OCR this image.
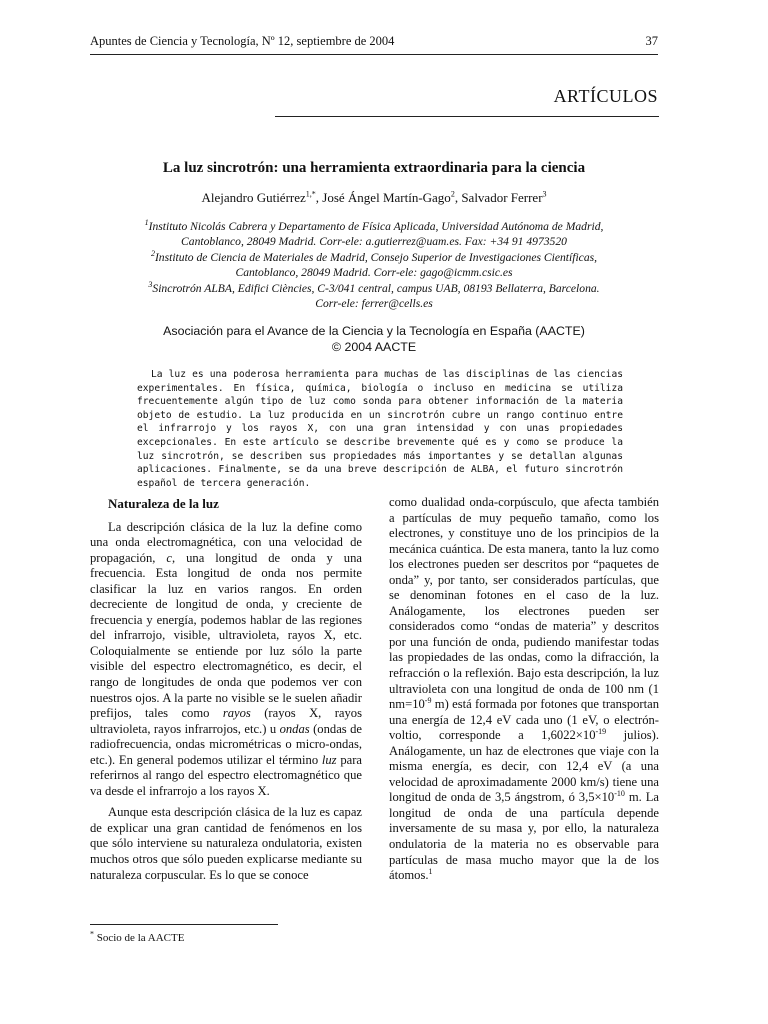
Apuntes de Ciencia y Tecnología, Nº 12, septiembre de 2004	37
ARTÍCULOS
La luz sincrotrón: una herramienta extraordinaria para la ciencia
Alejandro Gutiérrez$^{1,*}$, José Ángel Martín-Gago$^2$, Salvador Ferrer$^3$
$^1$Instituto Nicolás Cabrera y Departamento de Física Aplicada, Universidad Autónoma de Madrid,
Cantoblanco, 28049 Madrid. Corr-ele: a.gutierrez@uam.es. Fax: +34 91 4973520
$^2$Instituto de Ciencia de Materiales de Madrid, Consejo Superior de Investigaciones Científicas,
Cantoblanco, 28049 Madrid. Corr-ele: gago@icmm.csic.es
$^3$Sincrotrón ALBA, Edifici Ciències, C-3/041 central, campus UAB, 08193 Bellaterra, Barcelona.
Corr-ele: ferrer@cells.es
Asociación para el Avance de la Ciencia y la Tecnología en España (AACTE)
© 2004 AACTE
La luz es una poderosa herramienta para muchas de las disciplinas de las ciencias experimentales. En física, química, biología o incluso en medicina se utiliza frecuentemente algún tipo de luz como sonda para obtener información de la materia objeto de estudio. La luz producida en un sincrotrón cubre un rango continuo entre el infrarrojo y los rayos X, con una gran intensidad y con unas propiedades excepcionales. En este artículo se describe brevemente qué es y como se produce la luz sincrotrón, se describen sus propiedades más importantes y se detallan algunas aplicaciones. Finalmente, se da una breve descripción de ALBA, el futuro sincrotrón español de tercera generación.
Naturaleza de la luz

La descripción clásica de la luz la define como una onda electromagnética, con una velocidad de propagación, c, una longitud de onda y una frecuencia. Esta longitud de onda nos permite clasificar la luz en varios rangos. En orden decreciente de longitud de onda, y creciente de frecuencia y energía, podemos hablar de las regiones del infrarrojo, visible, ultravioleta, rayos X, etc. Coloquialmente se entiende por luz sólo la parte visible del espectro electromagnético, es decir, el rango de longitudes de onda que podemos ver con nuestros ojos. A la parte no visible se le suelen añadir prefijos, tales como rayos (rayos X, rayos ultravioleta, rayos infrarrojos, etc.) u ondas (ondas de radiofrecuencia, ondas micrométricas o micro-ondas, etc.). En general podemos utilizar el término luz para referirnos al rango del espectro electromagnético que va desde el infrarrojo a los rayos X.

Aunque esta descripción clásica de la luz es capaz de explicar una gran cantidad de fenómenos en los que sólo interviene su naturaleza ondulatoria, existen muchos otros que sólo pueden explicarse mediante su naturaleza corpuscular. Es lo que se conoce

como dualidad onda-corpúsculo, que afecta también a partículas de muy pequeño tamaño, como los electrones, y constituye uno de los principios de la mecánica cuántica. De esta manera, tanto la luz como los electrones pueden ser descritos por “paquetes de onda” y, por tanto, ser considerados partículas, que se denominan fotones en el caso de la luz. Análogamente, los electrones pueden ser considerados como “ondas de materia” y descritos por una función de onda, pudiendo manifestar todas las propiedades de las ondas, como la difracción, la refracción o la reflexión. Bajo esta descripción, la luz ultravioleta con una longitud de onda de 100 nm (1 $nm=10^{-9}$ m) está formada por fotones que transportan una energía de 12,4 eV cada uno (1 eV, o electrón-voltio, corresponde a $1,6022\times 10^{-19}$ julios). Análogamente, un haz de electrones que viaje con la misma energía, es decir, con 12,4 eV (a una velocidad de aproximadamente 2000 km/s) tiene una longitud de onda de 3,5 ángstrom, ó $3,5\times 10^{-10}$ m. La longitud de onda de una partícula depende inversamente de su masa y, por ello, la naturaleza ondulatoria de la materia no es observable para partículas de masa mucho mayor que la de los átomos.$^1$

* Socio de la AACTE
